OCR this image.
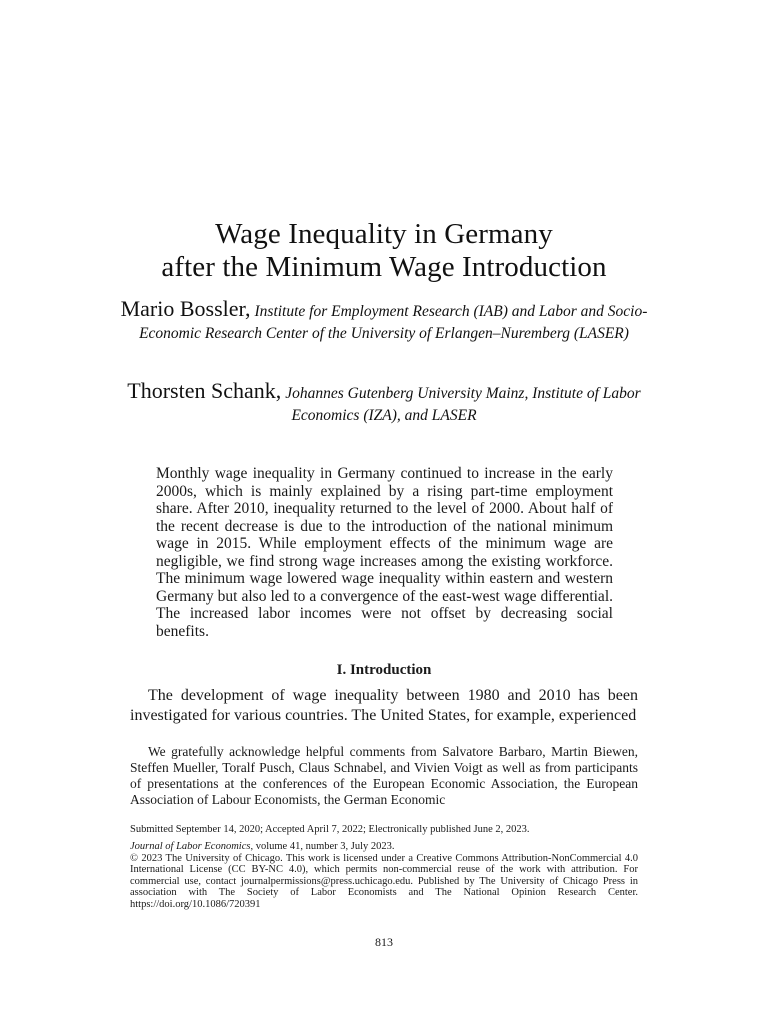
Wage Inequality in Germany
after the Minimum Wage Introduction
Mario Bossler, Institute for Employment Research (IAB) and Labor and Socio-Economic Research Center of the University of Erlangen–Nuremberg (LASER)
Thorsten Schank, Johannes Gutenberg University Mainz, Institute of Labor Economics (IZA), and LASER
Monthly wage inequality in Germany continued to increase in the early 2000s, which is mainly explained by a rising part-time employment share. After 2010, inequality returned to the level of 2000. About half of the recent decrease is due to the introduction of the national minimum wage in 2015. While employment effects of the minimum wage are negligible, we find strong wage increases among the existing workforce. The minimum wage lowered wage inequality within eastern and western Germany but also led to a convergence of the east-west wage differential. The increased labor incomes were not offset by decreasing social benefits.
I. Introduction
The development of wage inequality between 1980 and 2010 has been investigated for various countries. The United States, for example, experienced
We gratefully acknowledge helpful comments from Salvatore Barbaro, Martin Biewen, Steffen Mueller, Toralf Pusch, Claus Schnabel, and Vivien Voigt as well as from participants of presentations at the conferences of the European Economic Association, the European Association of Labour Economists, the German Economic
Submitted September 14, 2020; Accepted April 7, 2022; Electronically published June 2, 2023.
Journal of Labor Economics, volume 41, number 3, July 2023.
© 2023 The University of Chicago. This work is licensed under a Creative Commons Attribution-NonCommercial 4.0 International License (CC BY-NC 4.0), which permits non-commercial reuse of the work with attribution. For commercial use, contact journalpermissions@press.uchicago.edu. Published by The University of Chicago Press in association with The Society of Labor Economists and The National Opinion Research Center. https://doi.org/10.1086/720391
813
